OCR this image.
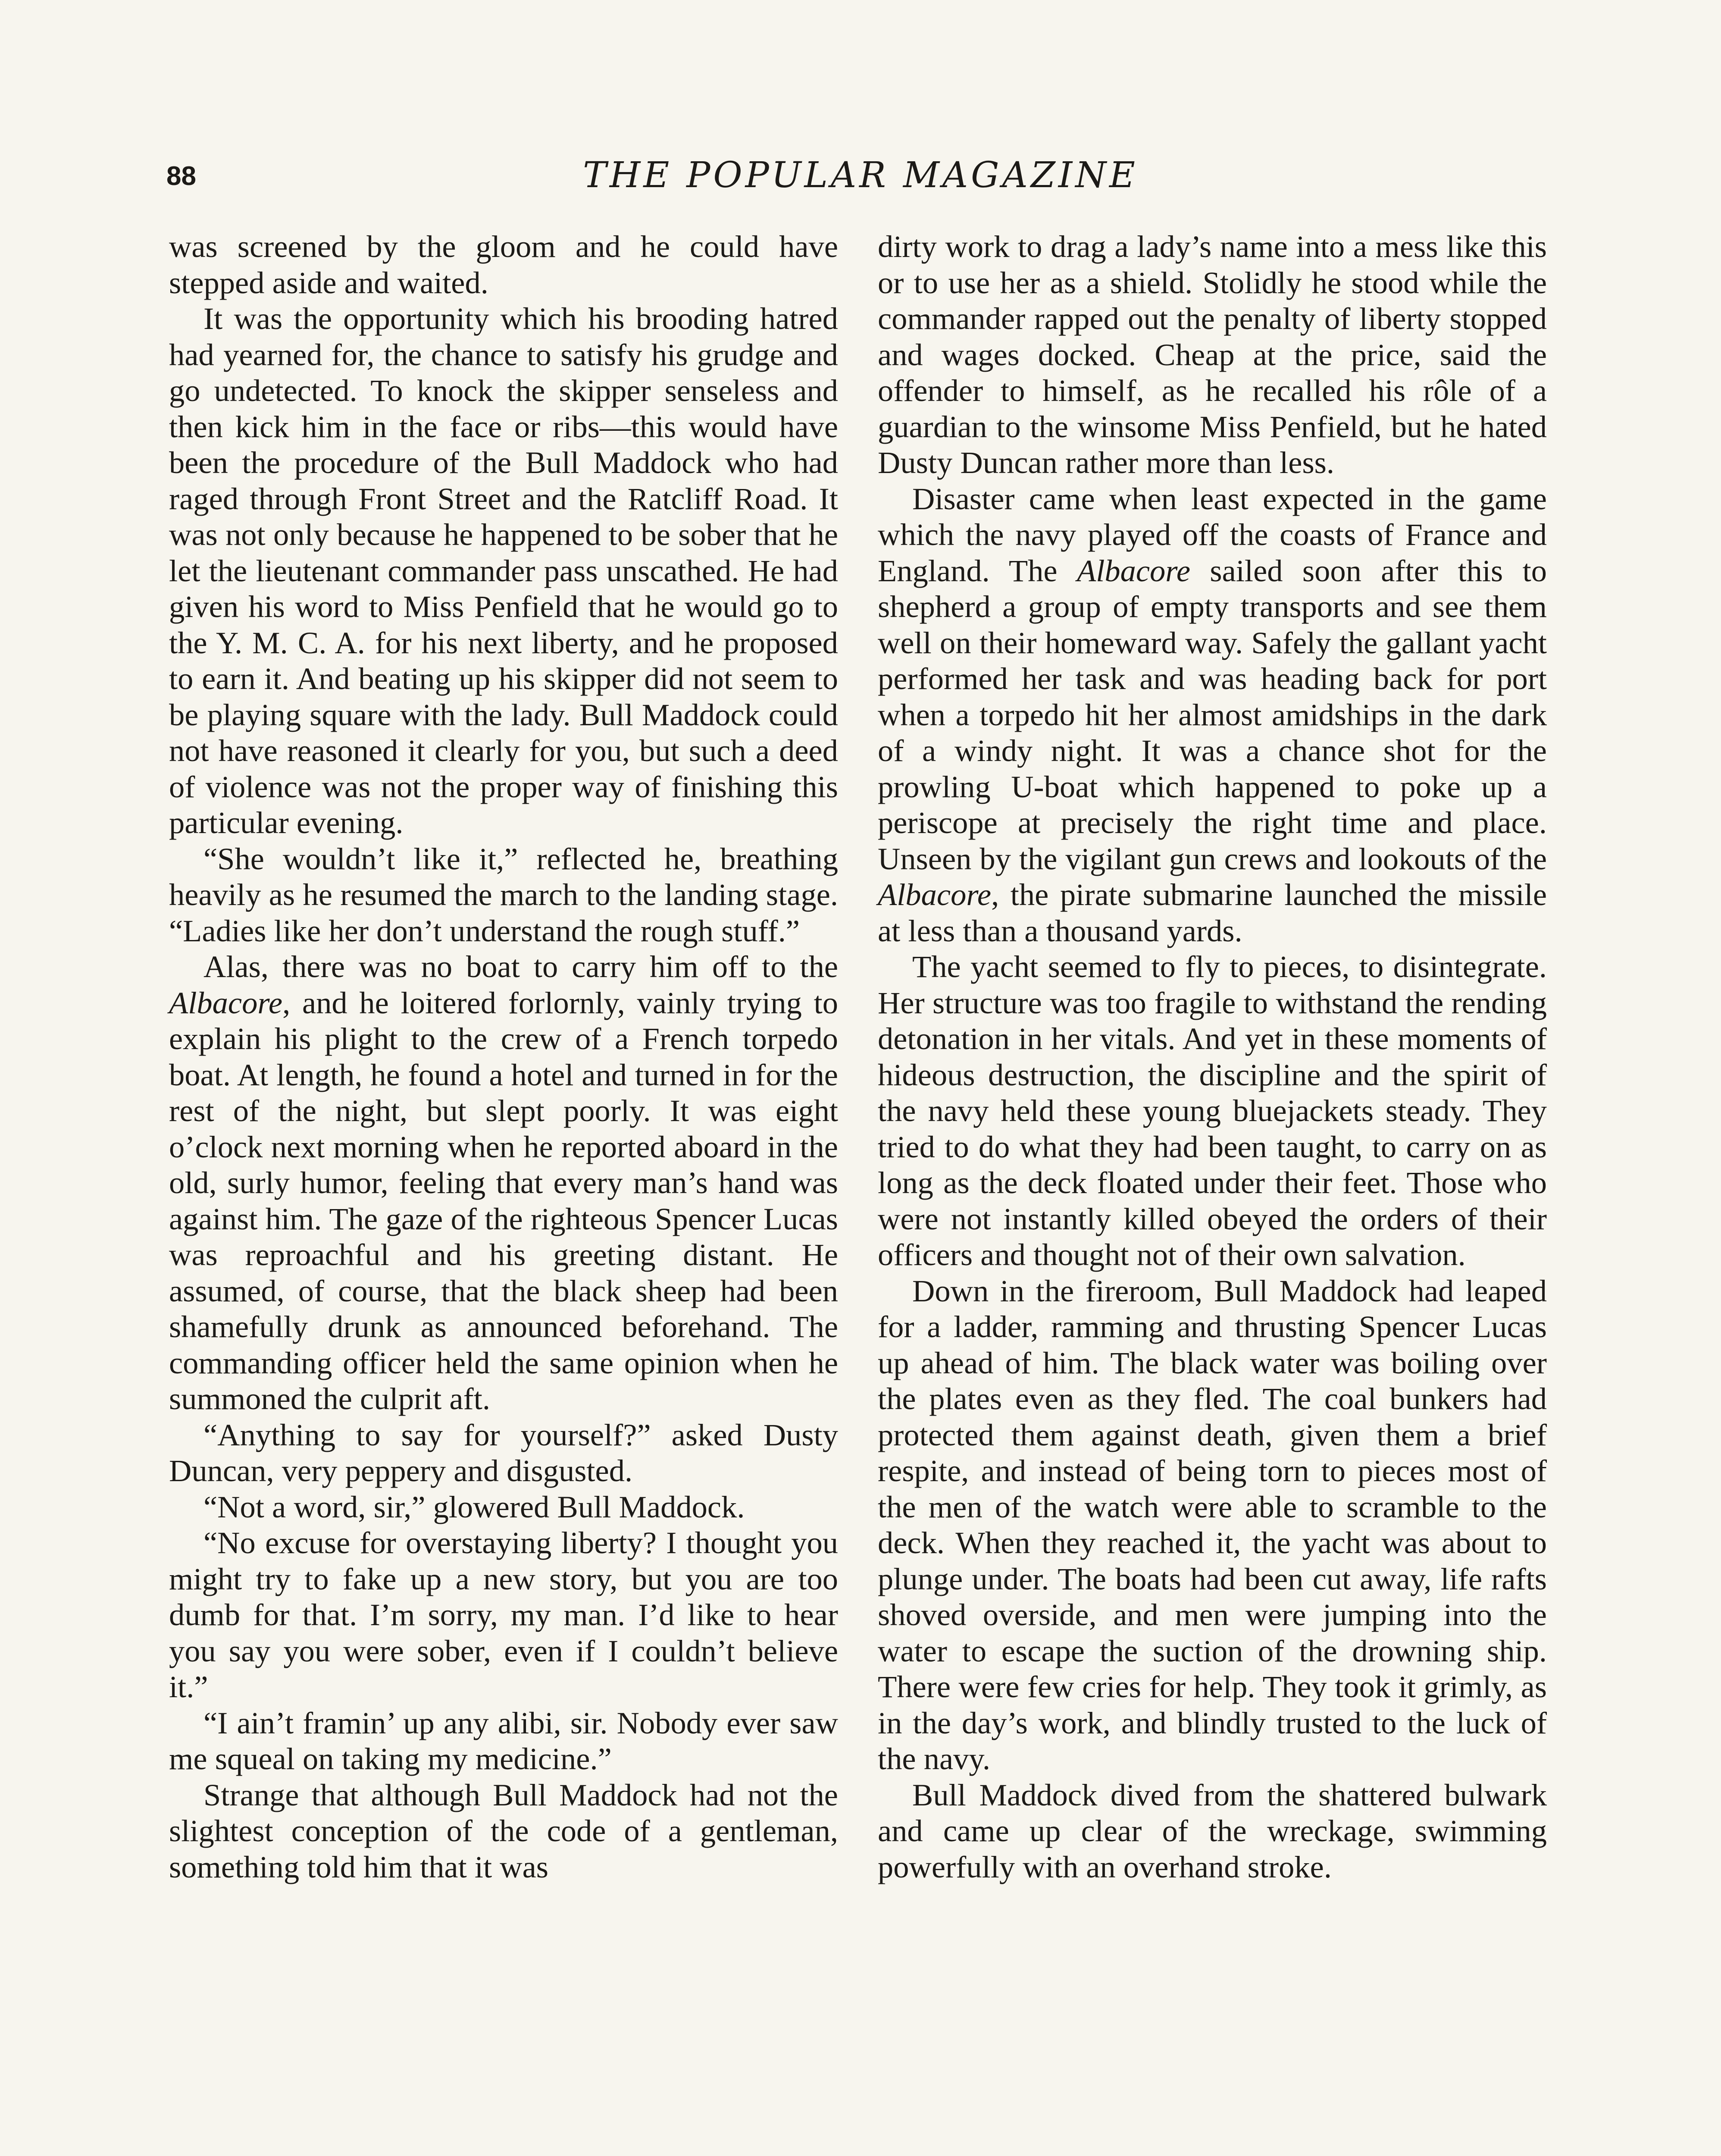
88	THE POPULAR MAGAZINE

was screened by the gloom and he could have stepped aside and waited.

It was the opportunity which his brooding hatred had yearned for, the chance to satisfy his grudge and go undetected. To knock the skipper senseless and then kick him in the face or ribs—this would have been the procedure of the Bull Maddock who had raged through Front Street and the Ratcliff Road. It was not only because he happened to be sober that he let the lieutenant commander pass unscathed. He had given his word to Miss Penfield that he would go to the Y. M. C. A. for his next liberty, and he proposed to earn it. And beating up his skipper did not seem to be playing square with the lady. Bull Maddock could not have reasoned it clearly for you, but such a deed of violence was not the proper way of finishing this particular evening.

“She wouldn’t like it,” reflected he, breathing heavily as he resumed the march to the landing stage. “Ladies like her don’t understand the rough stuff.”

Alas, there was no boat to carry him off to the Albacore, and he loitered forlornly, vainly trying to explain his plight to the crew of a French torpedo boat. At length, he found a hotel and turned in for the rest of the night, but slept poorly. It was eight o’clock next morning when he reported aboard in the old, surly humor, feeling that every man’s hand was against him. The gaze of the righteous Spencer Lucas was reproachful and his greeting distant. He assumed, of course, that the black sheep had been shamefully drunk as announced beforehand. The commanding officer held the same opinion when he summoned the culprit aft.

“Anything to say for yourself?” asked Dusty Duncan, very peppery and disgusted.

“Not a word, sir,” glowered Bull Maddock.

“No excuse for overstaying liberty? I thought you might try to fake up a new story, but you are too dumb for that. I’m sorry, my man. I’d like to hear you say you were sober, even if I couldn’t believe it.”

“I ain’t framin’ up any alibi, sir. Nobody ever saw me squeal on taking my medicine.”

Strange that although Bull Maddock had not the slightest conception of the code of a gentleman, something told him that it was

dirty work to drag a lady’s name into a mess like this or to use her as a shield. Stolidly he stood while the commander rapped out the penalty of liberty stopped and wages docked. Cheap at the price, said the offender to himself, as he recalled his rôle of a guardian to the winsome Miss Penfield, but he hated Dusty Duncan rather more than less.

Disaster came when least expected in the game which the navy played off the coasts of France and England. The Albacore sailed soon after this to shepherd a group of empty transports and see them well on their homeward way. Safely the gallant yacht performed her task and was heading back for port when a torpedo hit her almost amidships in the dark of a windy night. It was a chance shot for the prowling U-boat which happened to poke up a periscope at precisely the right time and place. Unseen by the vigilant gun crews and lookouts of the Albacore, the pirate submarine launched the missile at less than a thousand yards.

The yacht seemed to fly to pieces, to disintegrate. Her structure was too fragile to withstand the rending detonation in her vitals. And yet in these moments of hideous destruction, the discipline and the spirit of the navy held these young bluejackets steady. They tried to do what they had been taught, to carry on as long as the deck floated under their feet. Those who were not instantly killed obeyed the orders of their officers and thought not of their own salvation.

Down in the fireroom, Bull Maddock had leaped for a ladder, ramming and thrusting Spencer Lucas up ahead of him. The black water was boiling over the plates even as they fled. The coal bunkers had protected them against death, given them a brief respite, and instead of being torn to pieces most of the men of the watch were able to scramble to the deck. When they reached it, the yacht was about to plunge under. The boats had been cut away, life rafts shoved overside, and men were jumping into the water to escape the suction of the drowning ship. There were few cries for help. They took it grimly, as in the day’s work, and blindly trusted to the luck of the navy.

Bull Maddock dived from the shattered bulwark and came up clear of the wreckage, swimming powerfully with an overhand stroke.
